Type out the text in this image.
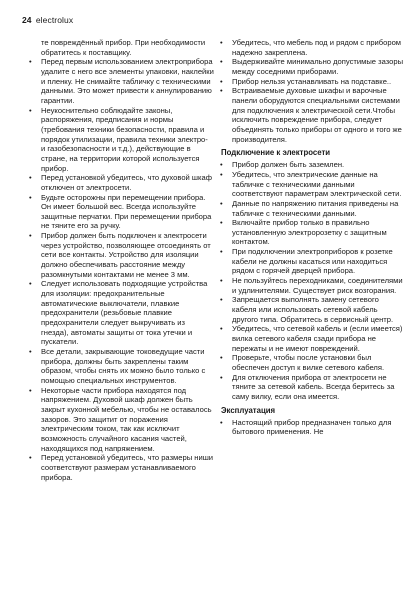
24 electrolux
те повреждённый прибор. При необходимости обратитесь к поставщику.
• Перед первым использованием электроприбора удалите с него все элементы упаковки, наклейки и пленку. Не снимайте табличку с техническими данными. Это может привести к аннулированию гарантии.
• Неукоснительно соблюдайте законы, распоряжения, предписания и нормы (требования техники безопасности, правила и порядок утилизации, правила техники электро- и газобезопасности и т.д.), действующие в стране, на территории которой используется прибор.
• Перед установкой убедитесь, что духовой шкаф отключен от электросети.
• Будьте осторожны при перемещении прибора. Он имеет большой вес. Всегда используйте защитные перчатки. При перемещении прибора не тяните его за ручку.
• Прибор должен быть подключен к электросети через устройство, позволяющее отсоединять от сети все контакты. Устройство для изоляции должно обеспечивать расстояние между разомкнутыми контактами не менее 3 мм.
• Следует использовать подходящие устройства для изоляции: предохранительные автоматические выключатели, плавкие предохранители (резьбовые плавкие предохранители следует выкручивать из гнезда), автоматы защиты от тока утечки и пускатели.
• Все детали, закрывающие токоведущие части прибора, должны быть закреплены таким образом, чтобы снять их можно было только с помощью специальных инструментов.
• Некоторые части прибора находятся под напряжением. Духовой шкаф должен быть закрыт кухонной мебелью, чтобы не оставалось зазоров. Это защитит от поражения электрическим током, так как исключит возможность случайного касания частей, находящихся под напряжением.
• Перед установкой убедитесь, что размеры ниши соответствуют размерам устанавливаемого прибора.
• Убедитесь, что мебель под и рядом с прибором надежно закреплена.
• Выдерживайте минимально допустимые зазоры между соседними приборами.
• Прибор нельзя устанавливать на подставке..
• Встраиваемые духовые шкафы и варочные панели оборудуются специальными системами для подключения к электрической сети.Чтобы исключить повреждение прибора, следует объединять только приборы от одного и того же производителя.
Подключение к электросети
• Прибор должен быть заземлен.
• Убедитесь, что электрические данные на табличке с техническими данными соответствуют параметрам электрической сети.
• Данные по напряжению питания приведены на табличке с техническими данными.
• Включайте прибор только в правильно установленную электророзетку с защитным контактом.
• При подключении электроприборов к розетке кабели не должны касаться или находиться рядом с горячей дверцей прибора.
• Не пользуйтесь переходниками, соединителями и удлинителями. Существует риск возгорания.
• Запрещается выполнять замену сетевого кабеля или использовать сетевой кабель другого типа. Обратитесь в сервисный центр.
• Убедитесь, что сетевой кабель и (если имеется) вилка сетевого кабеля сзади прибора не пережаты и не имеют повреждений.
• Проверьте, чтобы после установки был обеспечен доступ к вилке сетевого кабеля.
• Для отключения прибора от электросети не тяните за сетевой кабель. Всегда беритесь за саму вилку, если она имеется.
Эксплуатация
• Настоящий прибор предназначен только для бытового применения. Не
